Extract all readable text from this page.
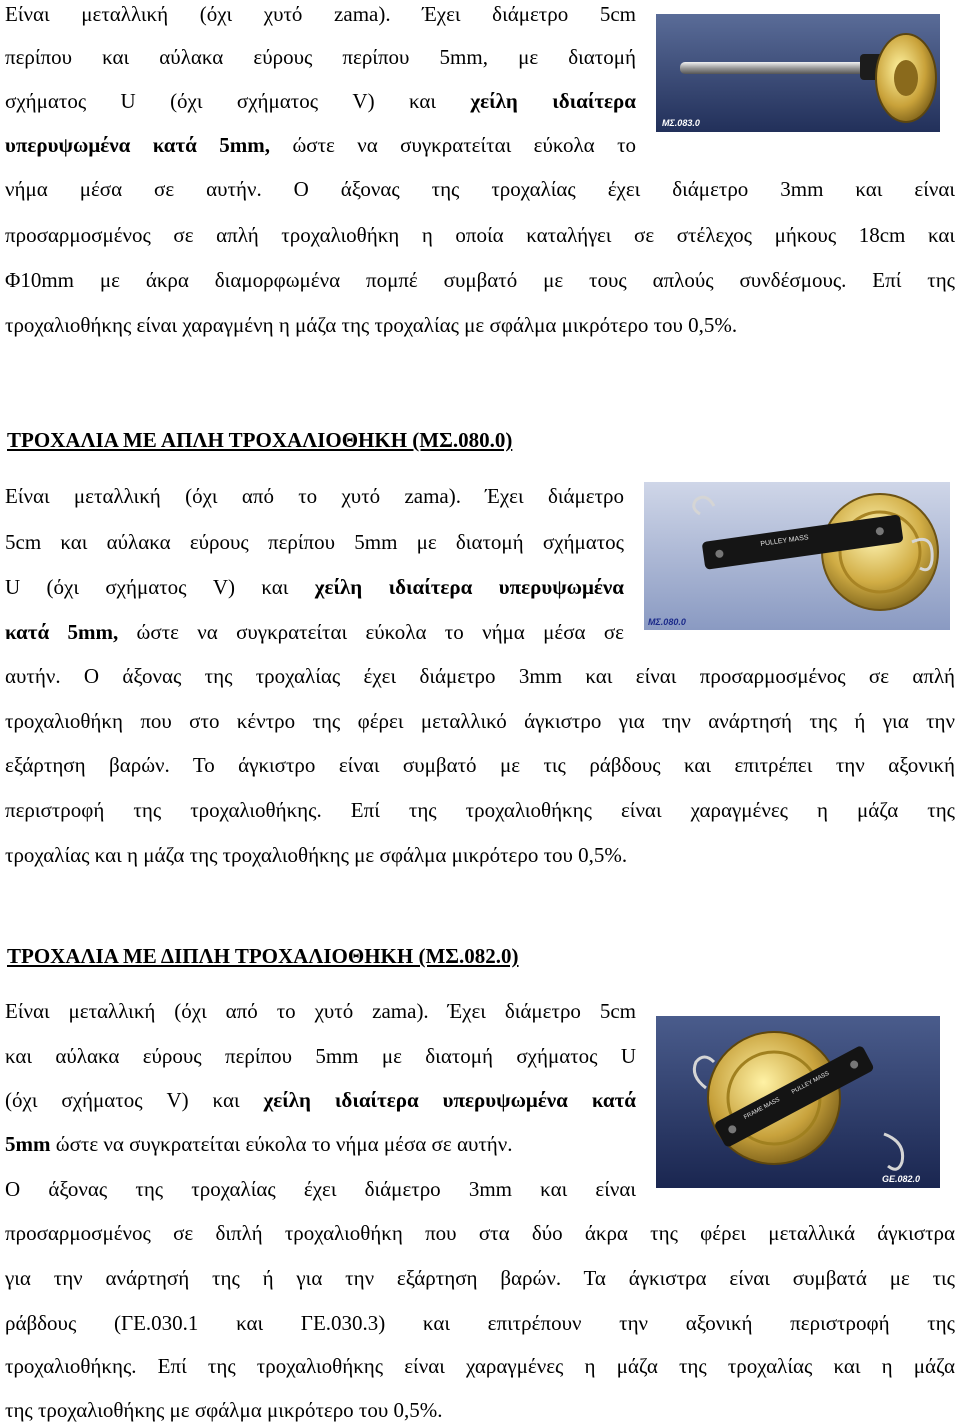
Είναι μεταλλική (όχι χυτό zama). Έχει διάμετρο 5cm
περίπου και αύλακα εύρους περίπου 5mm, με διατομή
σχήματος U (όχι σχήματος V) και χείλη ιδιαίτερα
υπερυψωμένα κατά 5mm, ώστε να συγκρατείται εύκολα το
νήμα μέσα σε αυτήν. Ο άξονας της τροχαλίας έχει διάμετρο 3mm και είναι
προσαρμοσμένος σε απλή τροχαλιοθήκη η οποία καταλήγει σε στέλεχος μήκους 18cm και
Φ10mm με άκρα διαμορφωμένα πομπέ συμβατό με τους απλούς συνδέσμους. Επί της
τροχαλιοθήκης είναι χαραγμένη η μάζα της τροχαλίας με σφάλμα μικρότερο του 0,5%.
ΜΣ.083.0
ΤΡΟΧΑΛΙΑ ΜΕ ΑΠΛΗ ΤΡΟΧΑΛΙΟΘΗΚΗ (ΜΣ.080.0)
Είναι μεταλλική (όχι από το χυτό zama). Έχει διάμετρο
5cm και αύλακα εύρους περίπου 5mm με διατομή σχήματος
U (όχι σχήματος V) και χείλη ιδιαίτερα υπερυψωμένα
κατά 5mm, ώστε να συγκρατείται εύκολα το νήμα μέσα σε
αυτήν. Ο άξονας της τροχαλίας έχει διάμετρο 3mm και είναι προσαρμοσμένος σε απλή
τροχαλιοθήκη που στο κέντρο της φέρει μεταλλικό άγκιστρο για την ανάρτησή της ή για την
εξάρτηση βαρών. Το άγκιστρο είναι συμβατό με τις ράβδους και επιτρέπει την αξονική
περιστροφή της τροχαλιοθήκης. Επί της τροχαλιοθήκης είναι χαραγμένες η μάζα της
τροχαλίας και η μάζα της τροχαλιοθήκης με σφάλμα μικρότερο του 0,5%.
PULLEY MASS
ΜΣ.080.0
ΤΡΟΧΑΛΙΑ ΜΕ ΔΙΠΛΗ ΤΡΟΧΑΛΙΟΘΗΚΗ (ΜΣ.082.0)
Είναι μεταλλική (όχι από το χυτό zama). Έχει διάμετρο 5cm
και αύλακα εύρους περίπου 5mm με διατομή σχήματος U
(όχι σχήματος V) και χείλη ιδιαίτερα υπερυψωμένα κατά
5mm ώστε να συγκρατείται εύκολα το νήμα μέσα σε αυτήν.
Ο άξονας της τροχαλίας έχει διάμετρο 3mm και είναι
προσαρμοσμένος σε διπλή τροχαλιοθήκη που στα δύο άκρα της φέρει μεταλλικά άγκιστρα
για την ανάρτησή της ή για την εξάρτηση βαρών. Τα άγκιστρα είναι συμβατά με τις
ράβδους (ΓΕ.030.1 και ΓΕ.030.3) και επιτρέπουν την αξονική περιστροφή της
τροχαλιοθήκης. Επί της τροχαλιοθήκης είναι χαραγμένες η μάζα της τροχαλίας και η μάζα
της τροχαλιοθήκης με σφάλμα μικρότερο του 0,5%.
FRAME MASS
PULLEY MASS
GE.082.0
